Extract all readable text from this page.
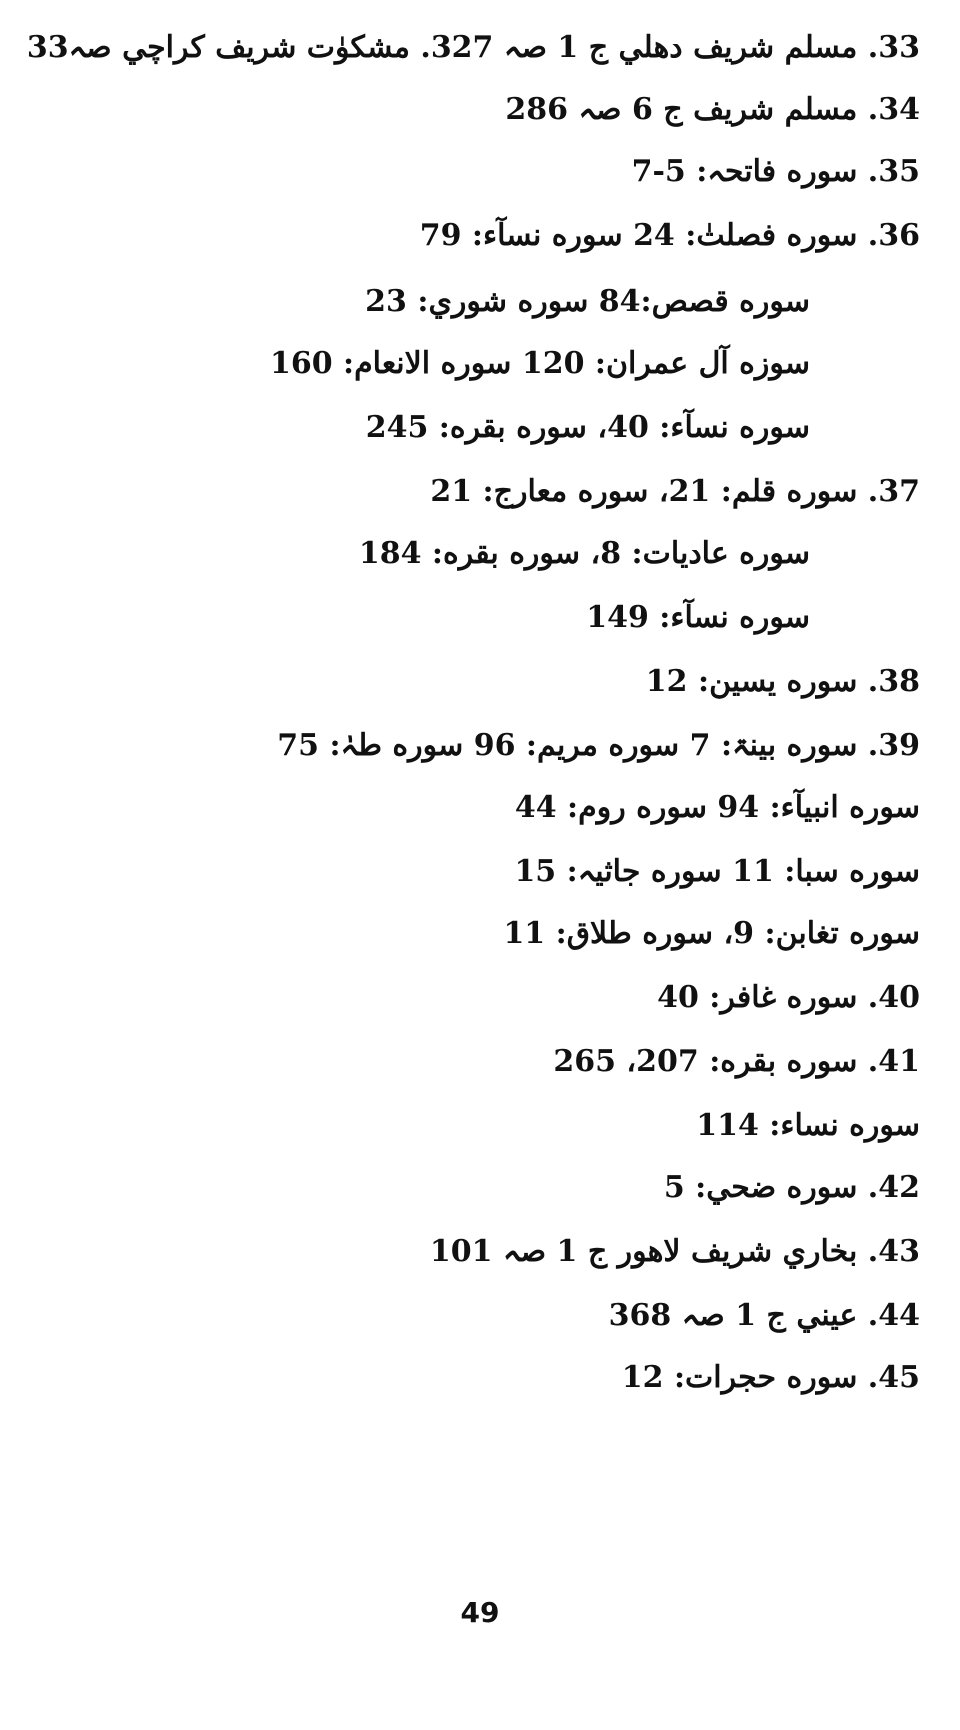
33. مسلم شريف دهلي ج 1 صہ 327. مشكوٰت شريف كراچي صہ33
34. مسلم شريف ج 6 صہ 286
35. سوره فاتحہ: 5-7
36. سوره فصلتٰ: 24 سوره نسآء: 79
سوره قصص:84 سوره شوري: 23
سوزه آل عمران: 120 سوره الانعام: 160
سوره نسآء: 40، سوره بقره: 245
37. سوره قلم: 21، سوره معارج: 21
سوره عاديات: 8، سوره بقره: 184
سوره نسآء: 149
38. سوره يسين: 12
39. سوره بينۃ: 7 سوره مريم: 96 سوره طہٰ: 75
سوره انبيآء: 94 سوره روم: 44
سوره سبا: 11 سوره جاثيہ: 15
سوره تغابن: 9، سوره طلاق: 11
40. سوره غافر: 40
41. سوره بقره: 207، 265
سوره نساء: 114
42. سوره ضحي: 5
43. بخاري شريف لاهور ج 1 صہ 101
44. عيني ج 1 صہ 368
45. سوره حجرات: 12
49
